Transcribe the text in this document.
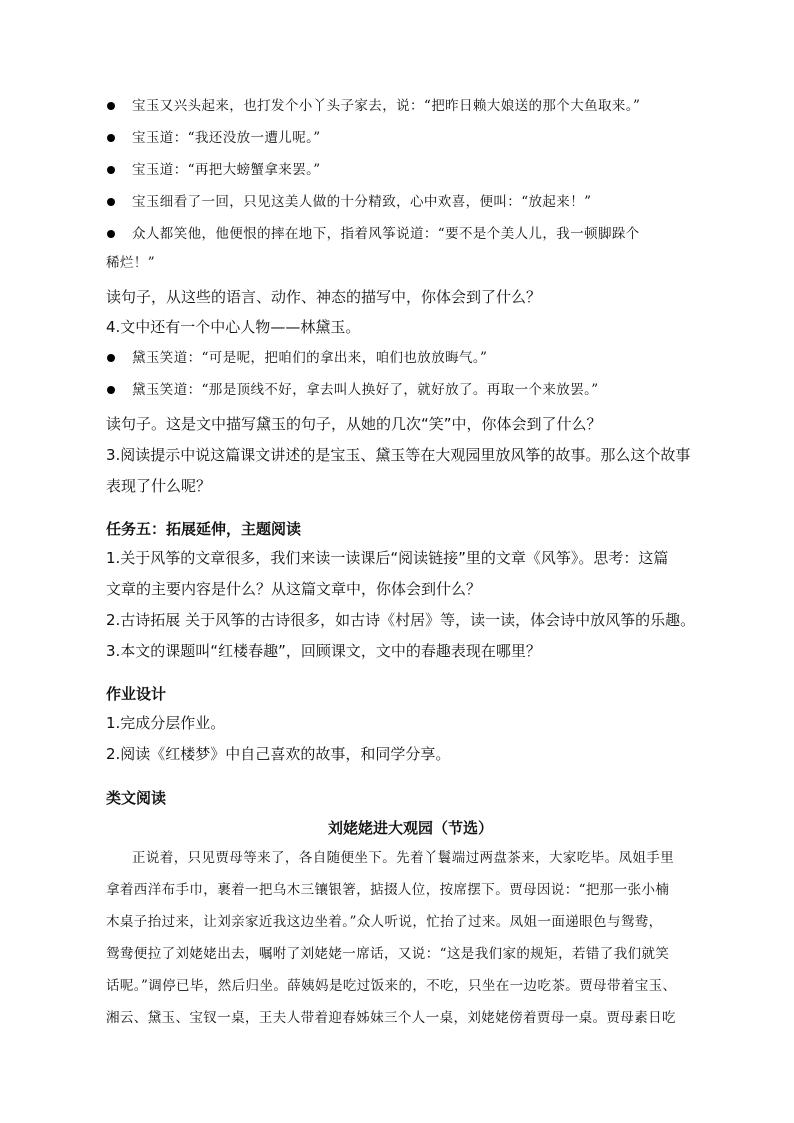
宝玉又兴头起来，也打发个小丫头子家去，说：“把昨日赖大娘送的那个大鱼取来。”
宝玉道：“我还没放一遭儿呢。”
宝玉道：“再把大螃蟹拿来罢。”
宝玉细看了一回，只见这美人做的十分精致，心中欢喜，便叫：“放起来！”
众人都笑他，他便恨的摔在地下，指着风筝说道：“要不是个美人儿，我一顿脚跺个
稀烂！”
读句子，从这些的语言、动作、神态的描写中，你体会到了什么？
4.文中还有一个中心人物——林黛玉。
黛玉笑道：“可是呢，把咱们的拿出来，咱们也放放晦气。”
黛玉笑道：“那是顶线不好，拿去叫人换好了，就好放了。再取一个来放罢。”
读句子。这是文中描写黛玉的句子，从她的几次“笑”中，你体会到了什么？
3.阅读提示中说这篇课文讲述的是宝玉、黛玉等在大观园里放风筝的故事。那么这个故事
表现了什么呢？
任务五：拓展延伸，主题阅读
1.关于风筝的文章很多，我们来读一读课后“阅读链接”里的文章《风筝》。思考：这篇
文章的主要内容是什么？从这篇文章中，你体会到什么？
2.古诗拓展 关于风筝的古诗很多，如古诗《村居》等，读一读，体会诗中放风筝的乐趣。
3.本文的课题叫“红楼春趣”，回顾课文，文中的春趣表现在哪里？
作业设计
1.完成分层作业。
2.阅读《红楼梦》中自己喜欢的故事，和同学分享。
类文阅读
刘姥姥进大观园（节选）
正说着，只见贾母等来了，各自随便坐下。先着丫鬟端过两盘茶来，大家吃毕。凤姐手里
拿着西洋布手巾，裹着一把乌木三镶银箸，掂掇人位，按席摆下。贾母因说：“把那一张小楠
木桌子抬过来，让刘亲家近我这边坐着。”众人听说，忙抬了过来。凤姐一面递眼色与鸳鸯，
鸳鸯便拉了刘姥姥出去，嘱咐了刘姥姥一席话，又说：“这是我们家的规矩，若错了我们就笑
话呢。”调停已毕，然后归坐。薛姨妈是吃过饭来的，不吃，只坐在一边吃茶。贾母带着宝玉、
湘云、黛玉、宝钗一桌，王夫人带着迎春姊妹三个人一桌，刘姥姥傍着贾母一桌。贾母素日吃
